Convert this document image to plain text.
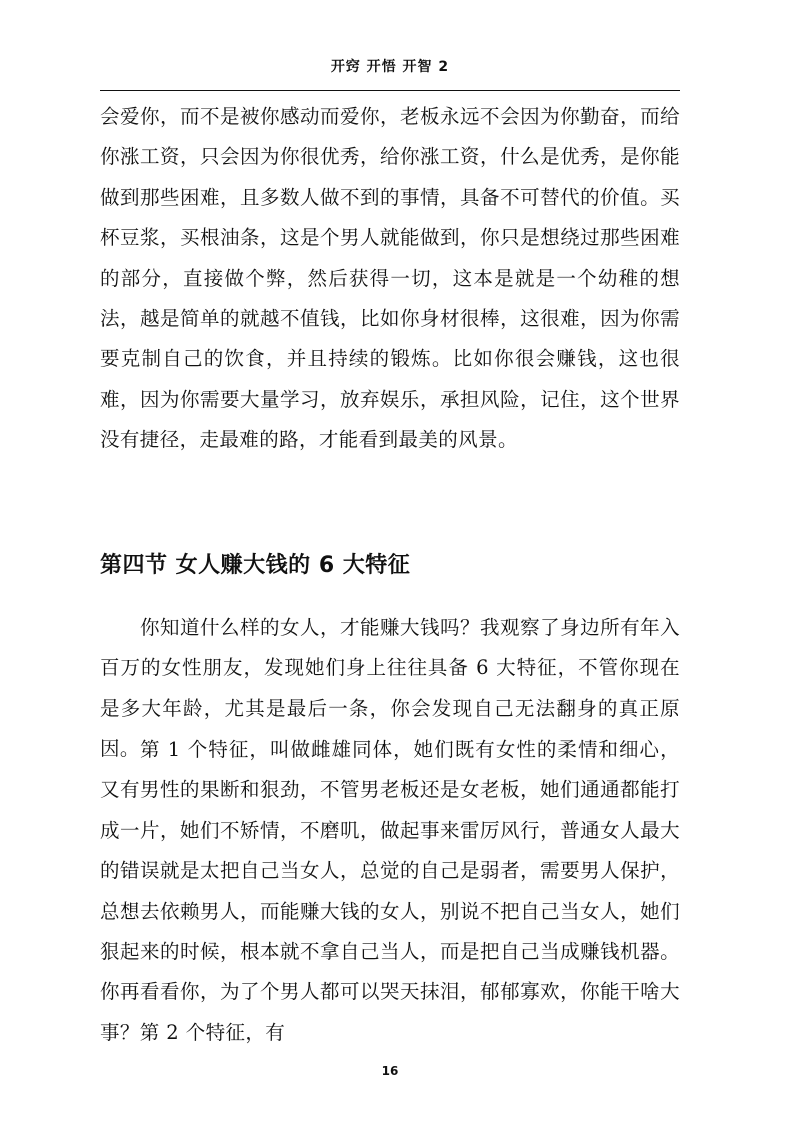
开窍 开悟 开智 2

会爱你，而不是被你感动而爱你，老板永远不会因为你勤奋，而给你涨工资，只会因为你很优秀，给你涨工资，什么是优秀，是你能做到那些困难，且多数人做不到的事情，具备不可替代的价值。买杯豆浆，买根油条，这是个男人就能做到，你只是想绕过那些困难的部分，直接做个弊，然后获得一切，这本是就是一个幼稚的想法，越是简单的就越不值钱，比如你身材很棒，这很难，因为你需要克制自己的饮食，并且持续的锻炼。比如你很会赚钱，这也很难，因为你需要大量学习，放弃娱乐，承担风险，记住，这个世界没有捷径，走最难的路，才能看到最美的风景。

第四节 女人赚大钱的 6 大特征

你知道什么样的女人，才能赚大钱吗？我观察了身边所有年入百万的女性朋友，发现她们身上往往具备 6 大特征，不管你现在是多大年龄，尤其是最后一条，你会发现自己无法翻身的真正原因。 第 1 个特征，叫做雌雄同体，她们既有女性的柔情和细心，又有男性的果断和狠劲，不管男老板还是女老板，她们通通都能打成一片，她们不矫情，不磨叽，做起事来雷厉风行，普通女人最大的错误就是太把自己当女人，总觉的自己是弱者，需要男人保护，总想去依赖男人，而能赚大钱的女人，别说不把自己当女人，她们狠起来的时候，根本就不拿自己当人，而是把自己当成赚钱机器。你再看看你，为了个男人都可以哭天抹泪，郁郁寡欢，你能干啥大事？第 2 个特征，有

16
